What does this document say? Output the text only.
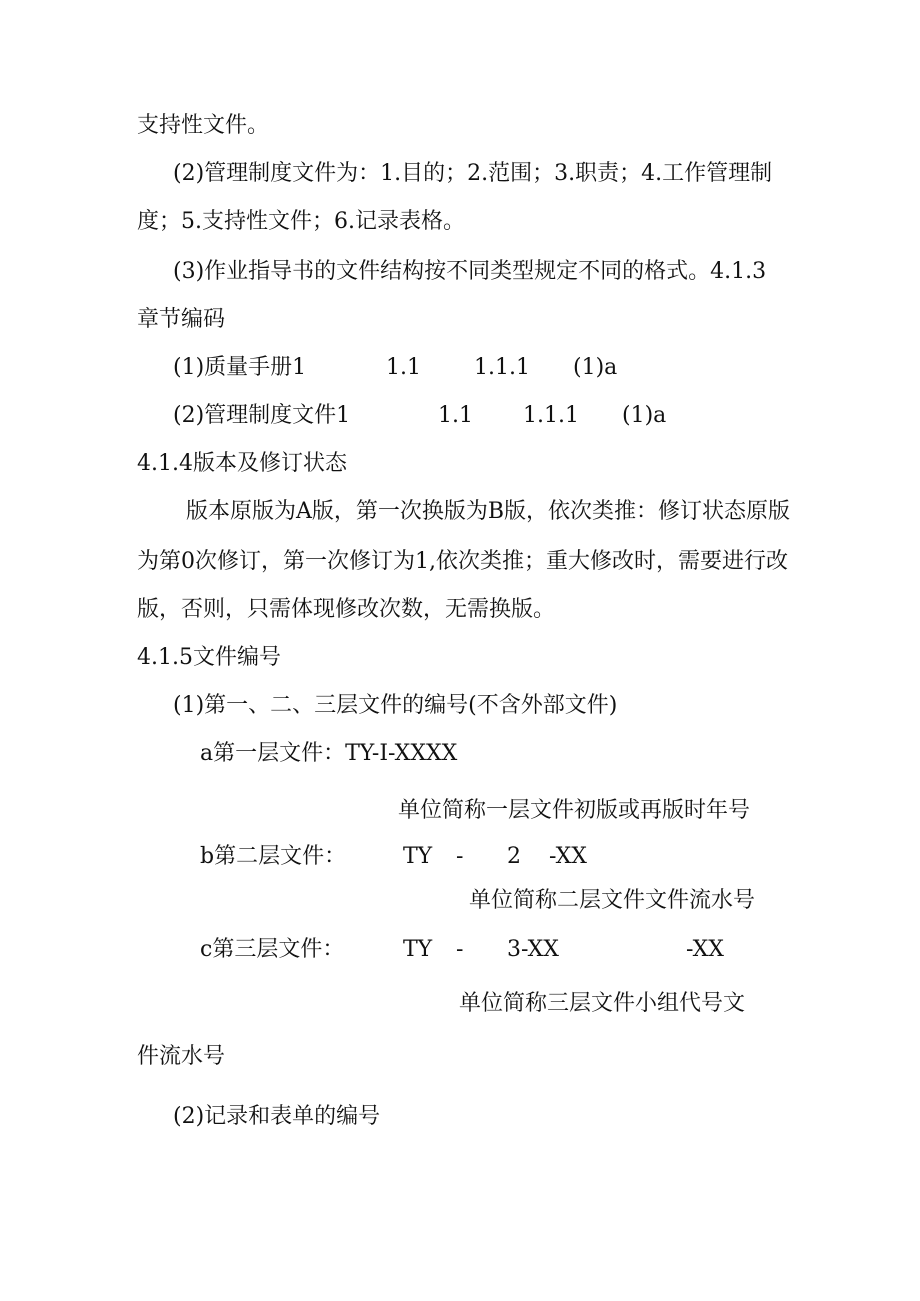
支持性文件。

(2)管理制度文件为：1.目的；2.范围；3.职责；4.工作管理制

度；5.支持性文件；6.记录表格。

(3)作业指导书的文件结构按不同类型规定不同的格式。4.1.3

章节编码

(1)质量手册1	1.1 1.1.1 (1)a

(2)管理制度文件1	1.1 1.1.1 (1)a

4.1.4版本及修订状态

版本原版为A版，第一次换版为B版，依次类推：修订状态原版

为第0次修订，第一次修订为1,依次类推；重大修改时，需要进行改

版，否则，只需体现修改次数，无需换版。

4.1.5文件编号

(1)第一、二、三层文件的编号(不含外部文件)

a第一层文件：TY-I-XXXX

单位简称一层文件初版或再版时年号

b第二层文件：	TY - 2 -XX

单位简称二层文件文件流水号

c第三层文件：	TY - 3-XX	-XX

单位简称三层文件小组代号文

件流水号

(2)记录和表单的编号
